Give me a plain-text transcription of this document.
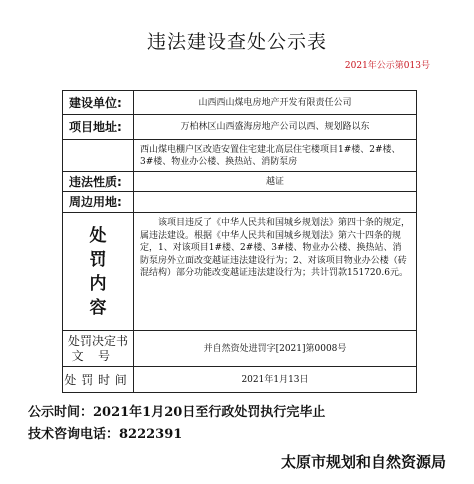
违法建设查处公示表
2021年公示第013号
建设单位:	山西西山煤电房地产开发有限责任公司
项目地址:	万柏林区山西盛海房地产公司以西、规划路以东
	西山煤电棚户区改造安置住宅建北高层住宅楼项目1#楼、2#楼、3#楼、物业办公楼、换热站、消防泵房
违法性质:	越证
周边用地:	

处
罚
内
容	该项目违反了《中华人民共和国城乡规划法》第四十条的规定，属违法建设。根据《中华人民共和国城乡规划法》第六十四条的规定，1、对该项目1#楼、2#楼、3#楼、物业办公楼、换热站、消防泵房外立面改变越证违法建设行为；2、对该项目物业办公楼（砖混结构）部分功能改变越证违法建设行为；共计罚款151720.6元。

处罚决定书
文号	并自然资处进罚字[2021]第0008号
处罚时间	2021年1月13日
公示时间：2021年1月20日至行政处罚执行完毕止
技术咨询电话：8222391
太原市规划和自然资源局
